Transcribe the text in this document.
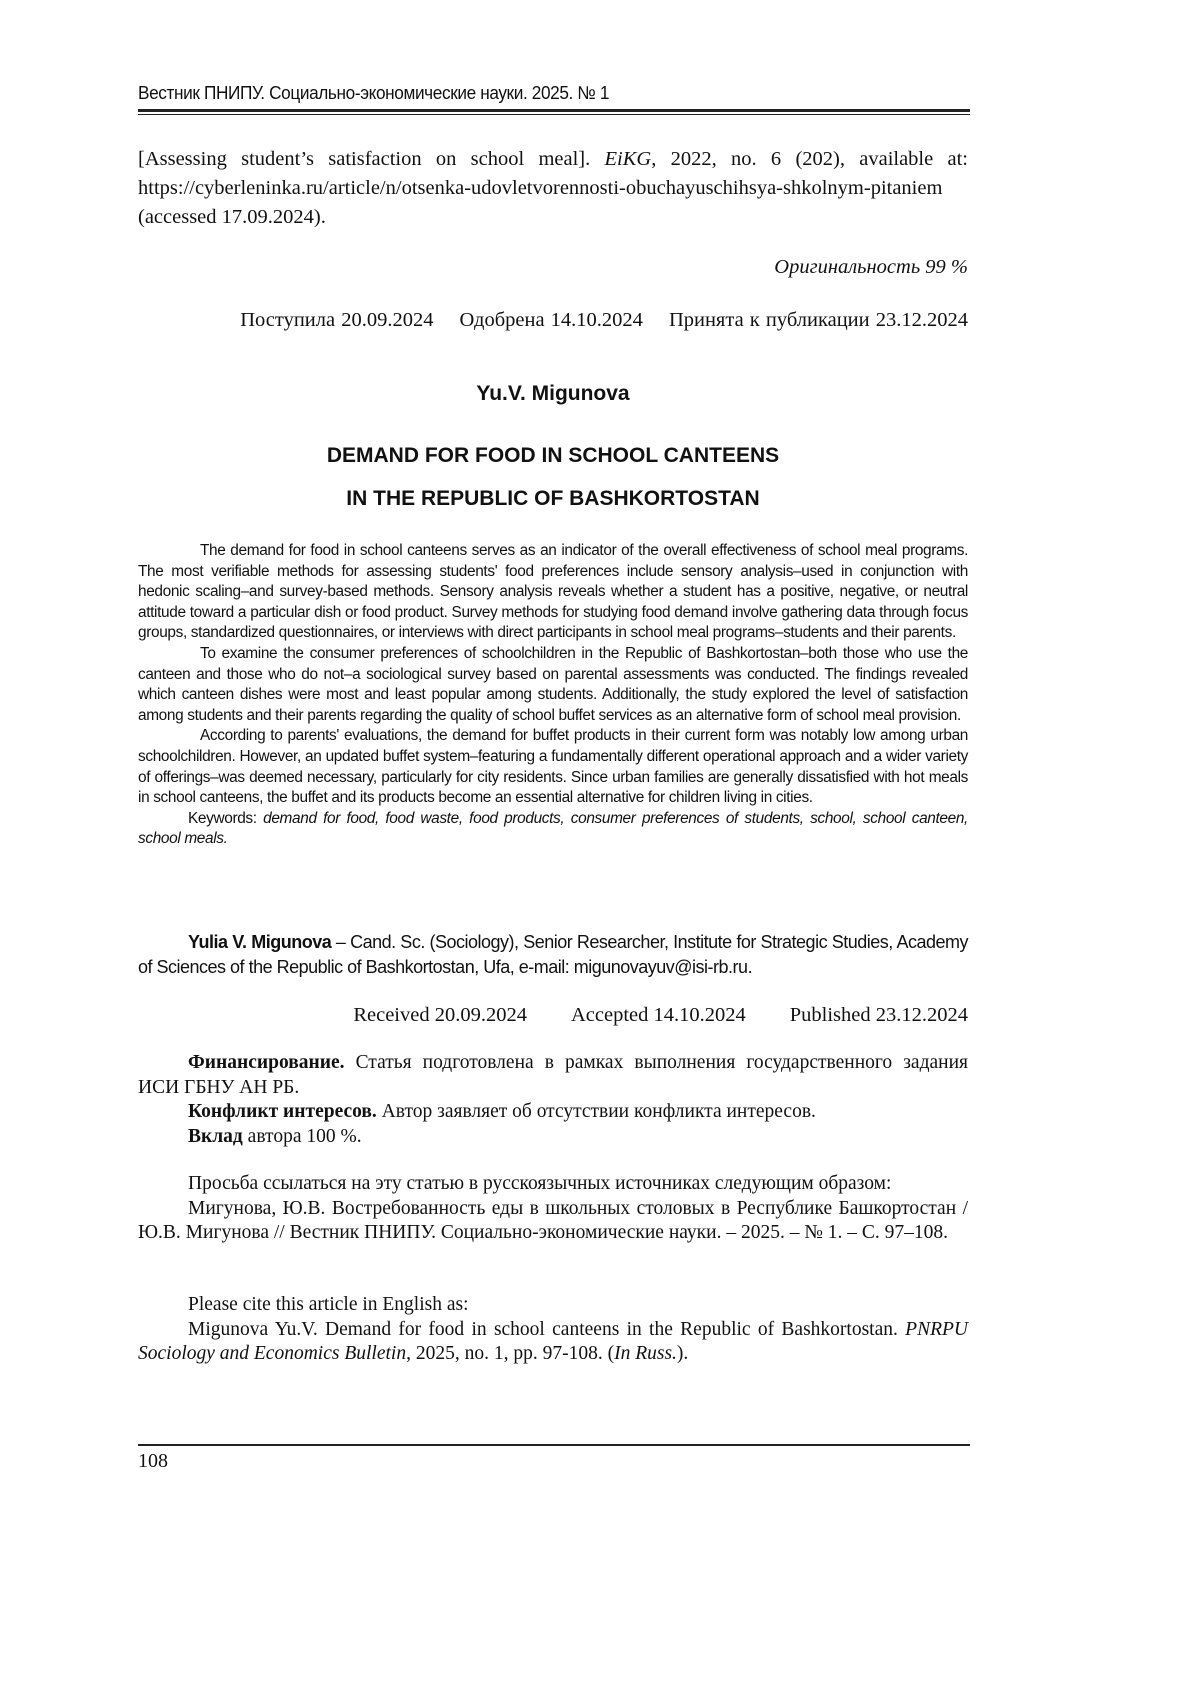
Вестник ПНИПУ. Социально-экономические науки. 2025. № 1
[Assessing student’s satisfaction on school meal]. EiKG, 2022, no. 6 (202), available at: https://cyberleninka.ru/article/n/otsenka-udovletvorennosti-obuchayuschihsya-shkolnym-pitaniem (accessed 17.09.2024).
Оригинальность 99 %
Поступила 20.09.2024 Одобрена 14.10.2024 Принята к публикации 23.12.2024
Yu.V. Migunova
DEMAND FOR FOOD IN SCHOOL CANTEENS
IN THE REPUBLIC OF BASHKORTOSTAN

The demand for food in school canteens serves as an indicator of the overall effectiveness of school meal programs. The most verifiable methods for assessing students' food preferences include sensory analysis–used in conjunction with hedonic scaling–and survey-based methods. Sensory analysis reveals whether a student has a positive, negative, or neutral attitude toward a particular dish or food product. Survey methods for studying food demand involve gathering data through focus groups, standardized questionnaires, or interviews with direct participants in school meal programs–students and their parents.

To examine the consumer preferences of schoolchildren in the Republic of Bashkortostan–both those who use the canteen and those who do not–a sociological survey based on parental assessments was conducted. The findings revealed which canteen dishes were most and least popular among students. Additionally, the study explored the level of satisfaction among students and their parents regarding the quality of school buffet services as an alternative form of school meal provision.

According to parents' evaluations, the demand for buffet products in their current form was notably low among urban schoolchildren. However, an updated buffet system–featuring a fundamentally different operational approach and a wider variety of offerings–was deemed necessary, particularly for city residents. Since urban families are generally dissatisfied with hot meals in school canteens, the buffet and its products become an essential alternative for children living in cities.

Keywords: demand for food, food waste, food products, consumer preferences of students, school, school canteen, school meals.

Yulia V. Migunova – Cand. Sc. (Sociology), Senior Researcher, Institute for Strategic Studies, Academy of Sciences of the Republic of Bashkortostan, Ufa, e-mail: migunovayuv@isi-rb.ru.

Received 20.09.2024 Accepted 14.10.2024 Published 23.12.2024

Финансирование. Статья подготовлена в рамках выполнения государственного задания ИСИ ГБНУ АН РБ.

Конфликт интересов. Автор заявляет об отсутствии конфликта интересов.

Вклад автора 100 %.

Просьба ссылаться на эту статью в русскоязычных источниках следующим образом:

Мигунова, Ю.В. Востребованность еды в школьных столовых в Республике Башкортостан / Ю.В. Мигунова // Вестник ПНИПУ. Социально-экономические науки. – 2025. – № 1. – С. 97–108.

Please cite this article in English as:

Migunova Yu.V. Demand for food in school canteens in the Republic of Bashkortostan. PNRPU Sociology and Economics Bulletin, 2025, no. 1, pp. 97-108. (In Russ.).

108
